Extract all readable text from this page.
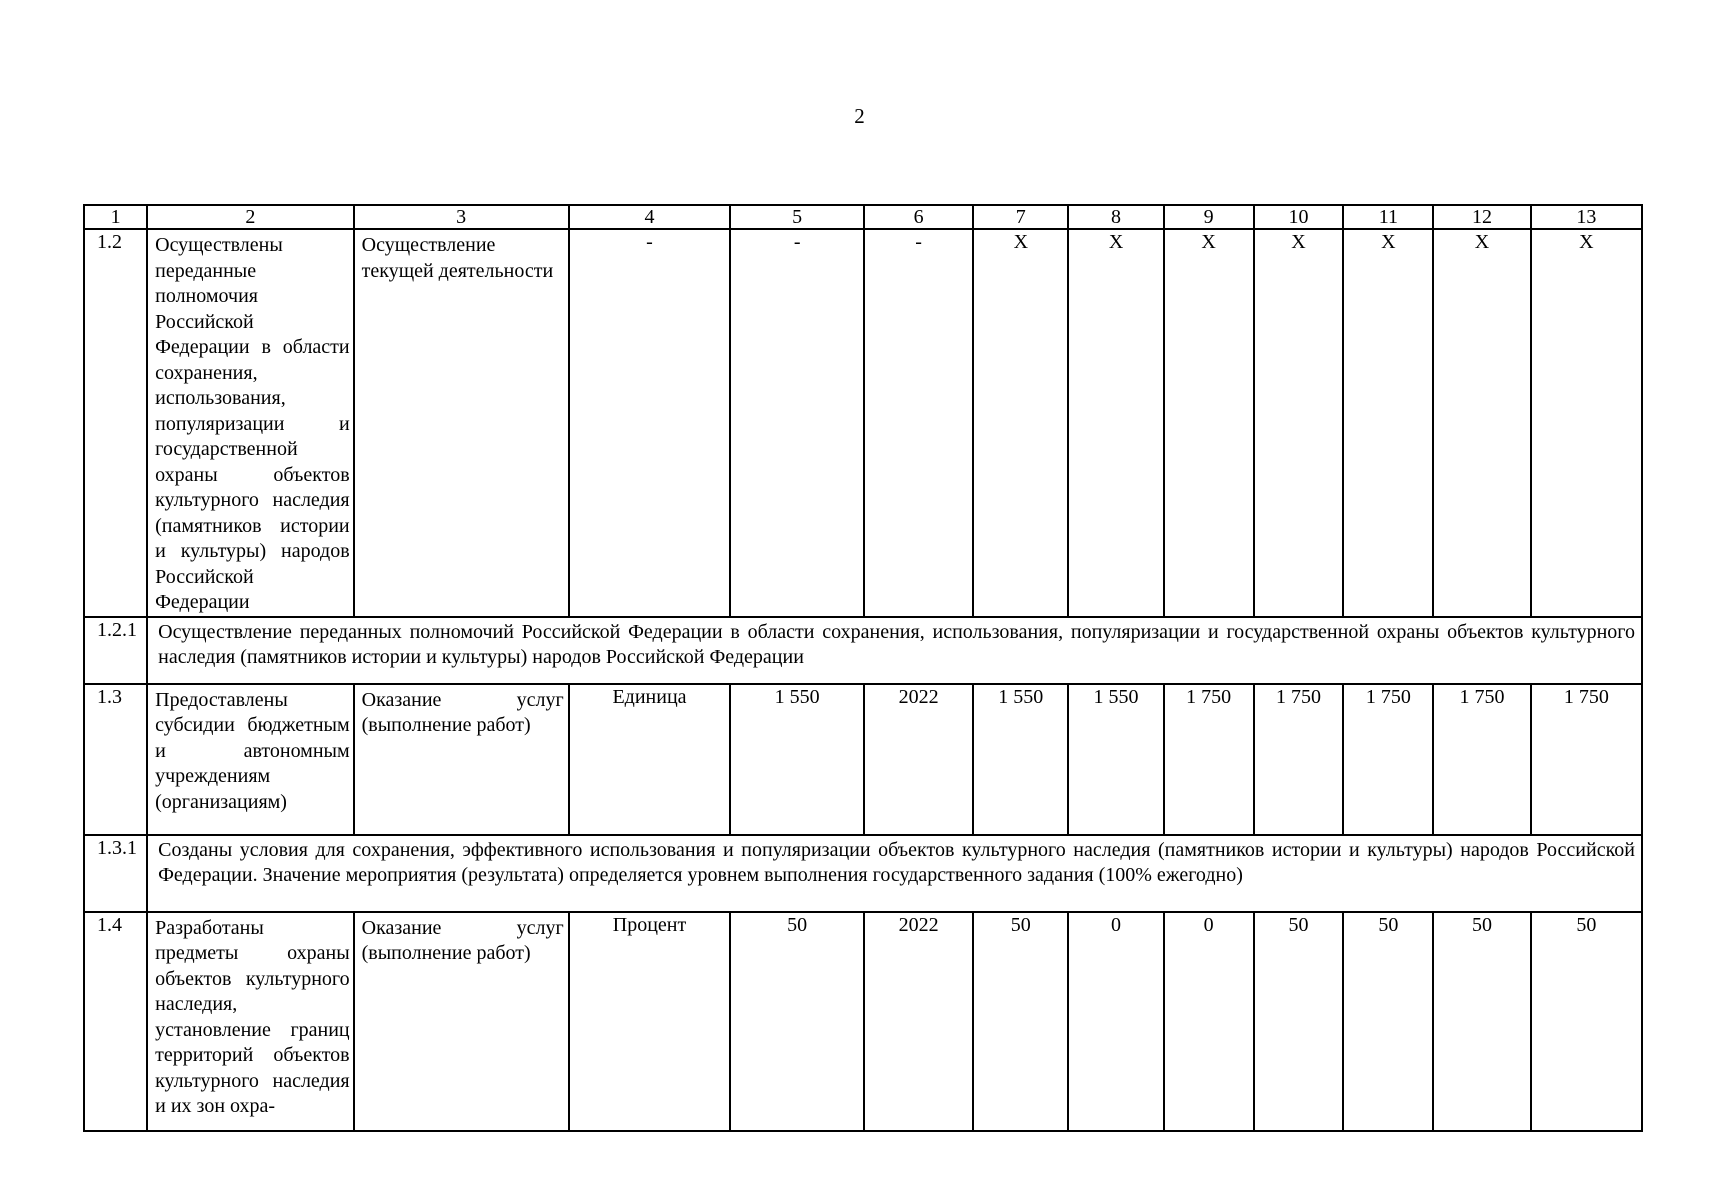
2
1	2	3	4	5	6	7	8	9	10	11	12	13
1.2	Осуществлены переданные полномочия Российской Федерации в области сохранения, использования, популяризации и государственной охраны объектов культурного наследия (памятников истории и культуры) народов Российской Федерации	Осуществление текущей деятельности	-	-	-	X	X	X	X	X	X	X
1.2.1	Осуществление переданных полномочий Российской Федерации в области сохранения, использования, популяризации и государственной охраны объектов культурного наследия (памятников истории и культуры) народов Российской Федерации											
1.3	Предоставлены субсидии бюджетным и автономным учреждениям (организациям)	Оказание услуг (выполнение работ)	Единица	1 550	2022	1 550	1 550	1 750	1 750	1 750	1 750	1 750
1.3.1	Созданы условия для сохранения, эффективного использования и популяризации объектов культурного наследия (памятников истории и культуры) народов Российской Федерации. Значение мероприятия (результата) определяется уровнем выполнения государственного задания (100% ежегодно)											
1.4	Разработаны предметы охраны объектов культурного наследия, установление границ территорий объектов культурного наследия и их зон охра-	Оказание услуг (выполнение работ)	Процент	50	2022	50	0	0	50	50	50	50
